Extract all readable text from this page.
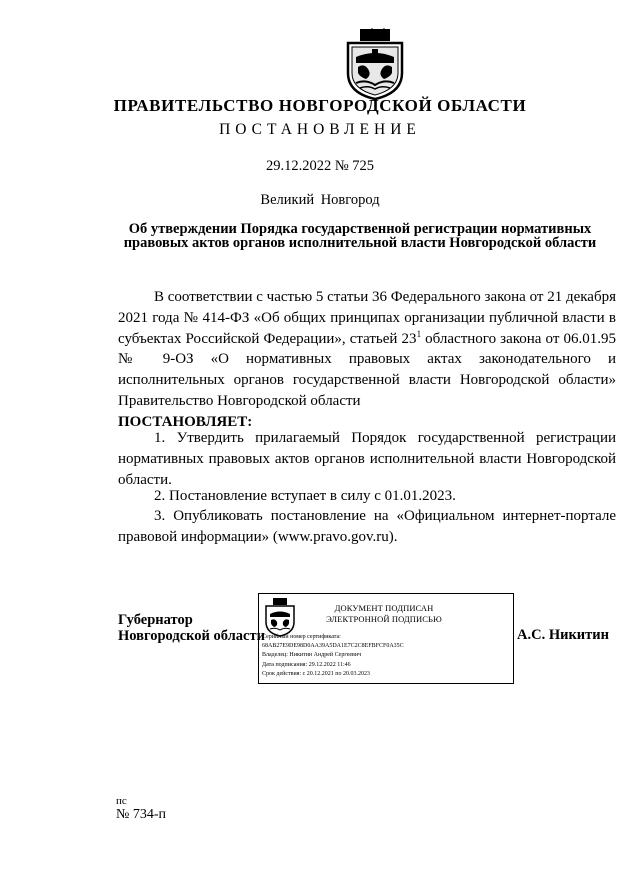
ПРАВИТЕЛЬСТВО НОВГОРОДСКОЙ ОБЛАСТИ
ПОСТАНОВЛЕНИЕ
29.12.2022 № 725
Великий Новгород
Об утверждении Порядка государственной регистрации нормативных правовых актов органов исполнительной власти Новгородской области
В соответствии с частью 5 статьи 36 Федерального закона от 21 декабря 2021 года № 414-ФЗ «Об общих принципах организации публичной власти в субъектах Российской Федерации», статьей $23^1$ областного закона от 06.01.95 № 9-ОЗ «О нормативных правовых актах законодательного и исполнительных органов государственной власти Новгородской области» Правительство Новгородской области
ПОСТАНОВЛЯЕТ:
1. Утвердить прилагаемый Порядок государственной регистрации нормативных правовых актов органов исполнительной власти Новгородской области.
2. Постановление вступает в силу с 01.01.2023.
3. Опубликовать постановление на «Официальном интернет-портале правовой информации» (www.pravo.gov.ru).
Губернатор
Новгородской области
ДОКУМЕНТ ПОДПИСАН
ЭЛЕКТРОННОЙ ПОДПИСЬЮ
Серийный номер сертификата:
68AB27E9DE98D0AA39A5DA1E7C2C8EFBFCF0A35C
Владелец: Никитин Андрей Сергеевич
Дата подписания: 29.12.2022 11:46
Срок действия: с 20.12.2021 по 20.03.2023
А.С. Никитин
пс
№ 734-п
